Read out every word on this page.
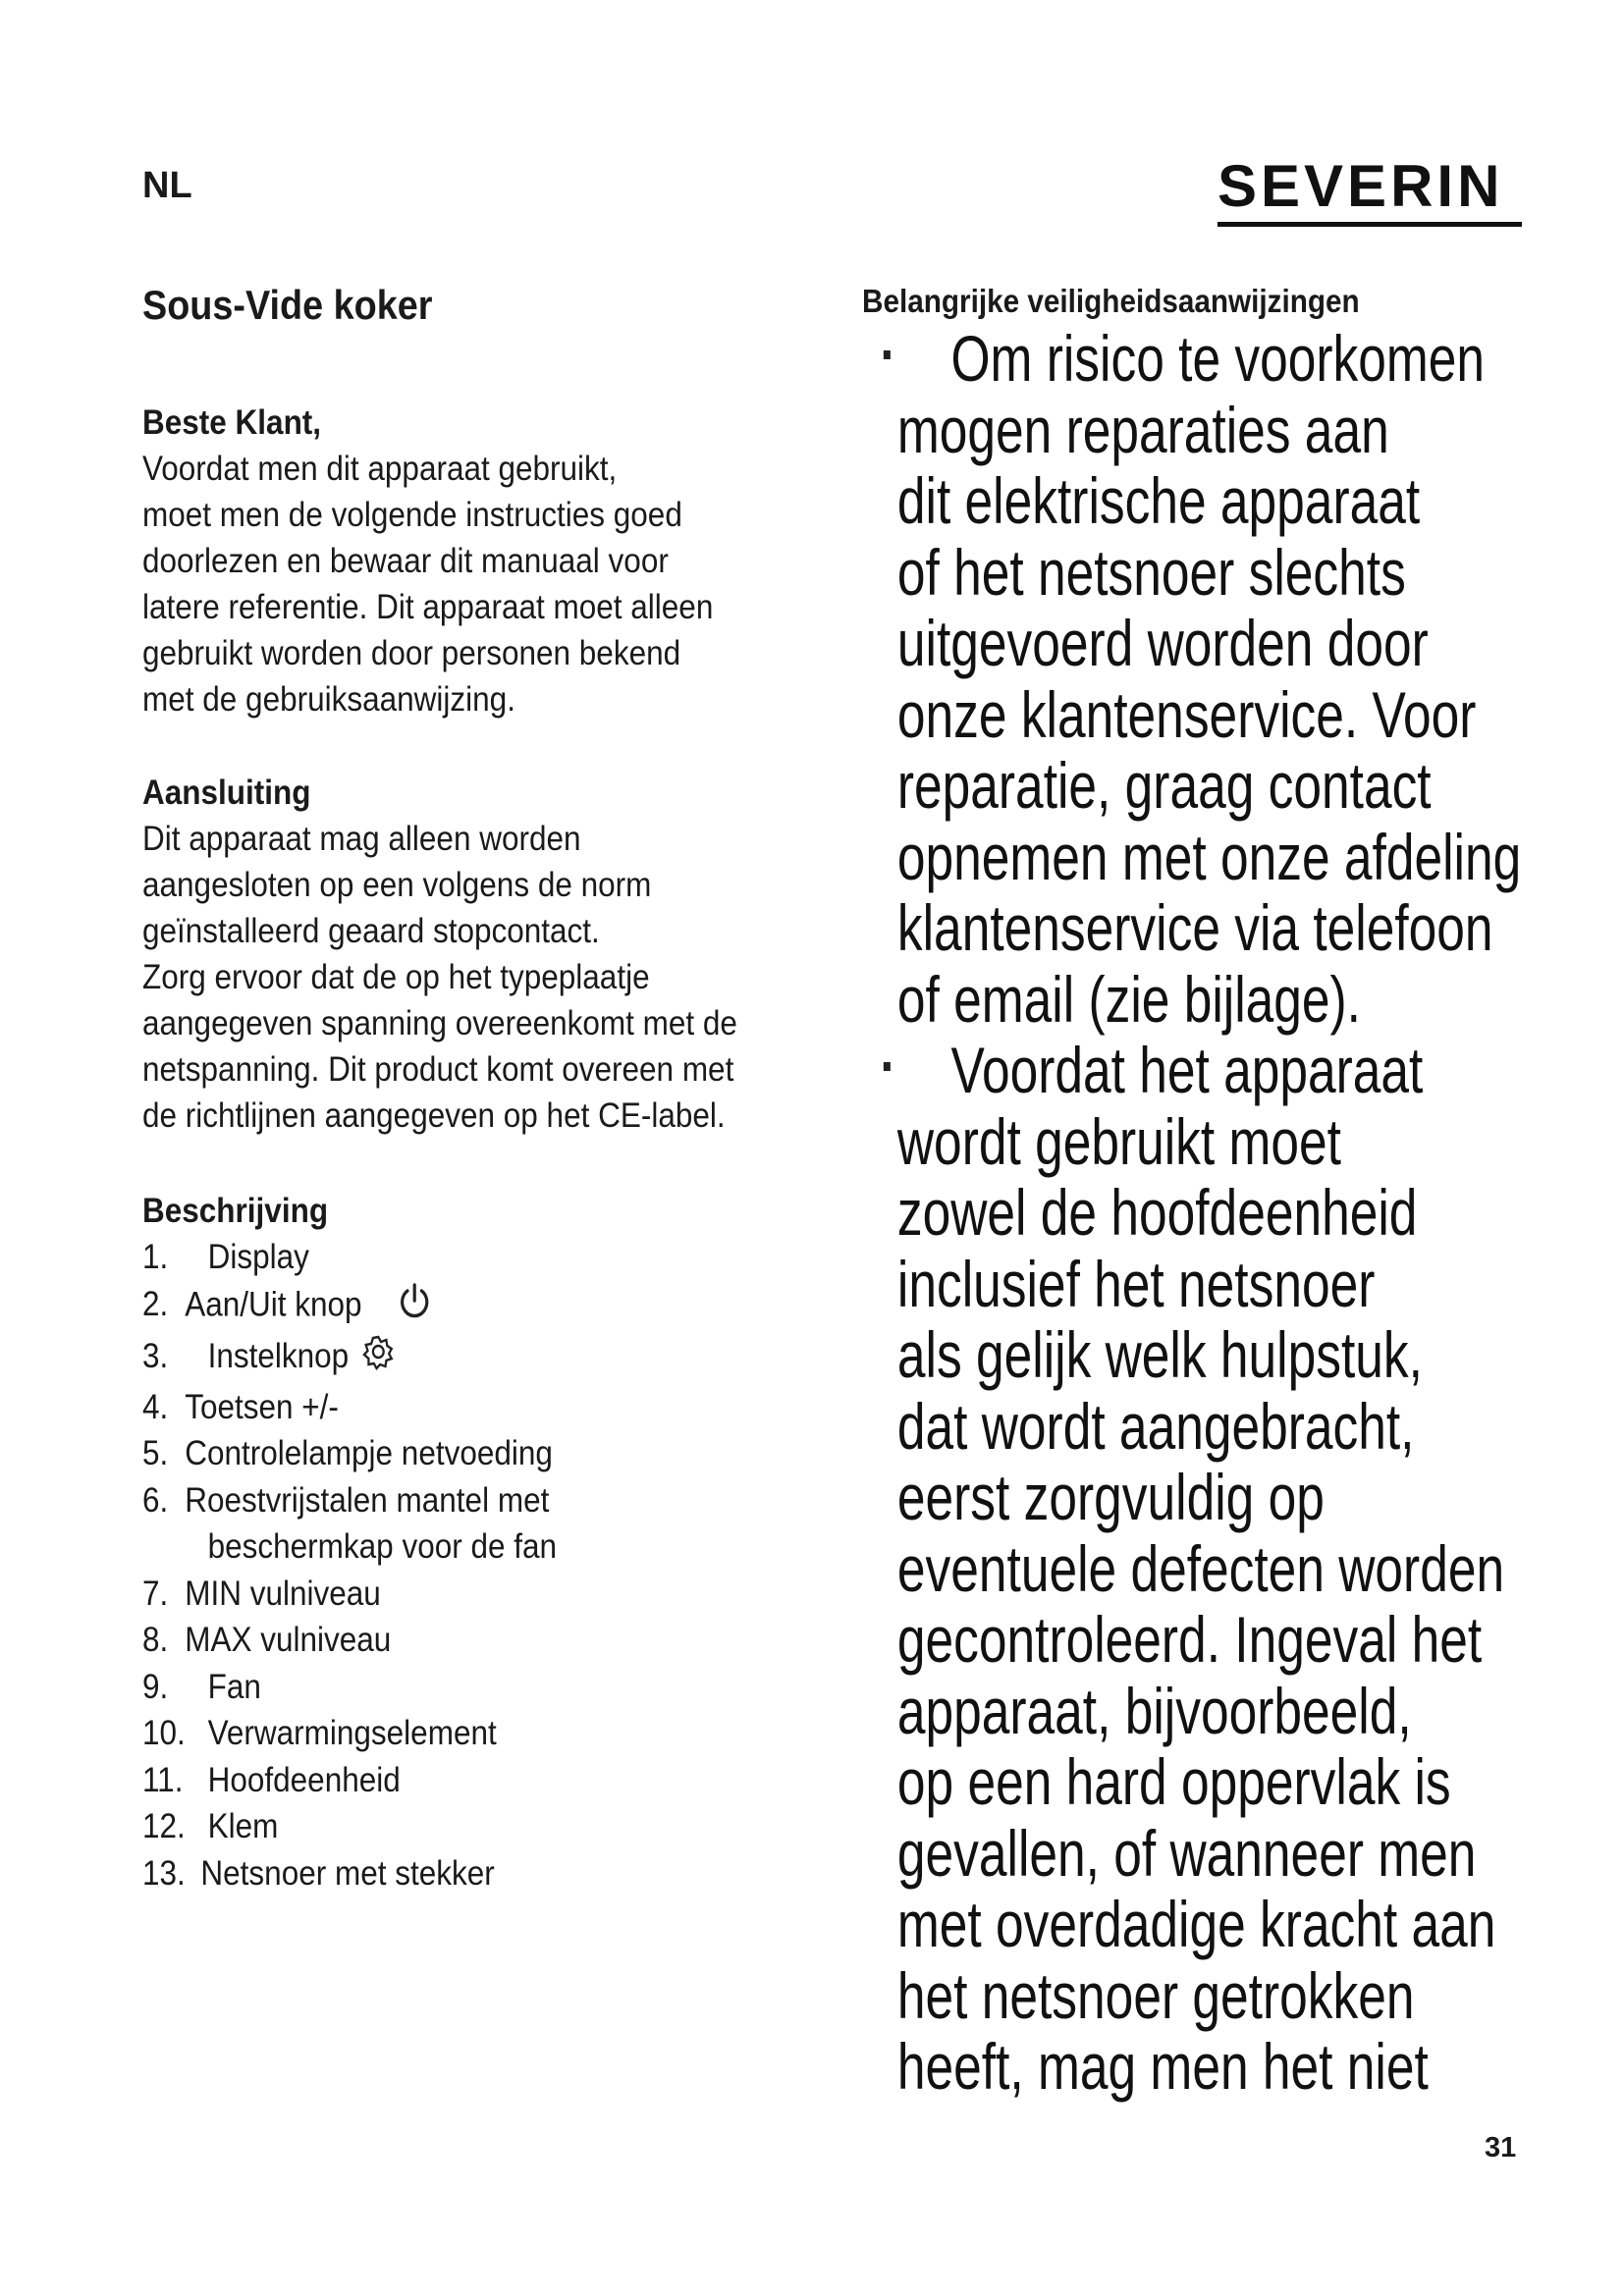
NL	SEVERIN
Sous-Vide koker

Beste Klant,

Voordat men dit apparaat gebruikt,

moet men de volgende instructies goed

doorlezen en bewaar dit manuaal voor

latere referentie. Dit apparaat moet alleen

gebruikt worden door personen bekend

met de gebruiksaanwijzing.

Aansluiting

Dit apparaat mag alleen worden

aangesloten op een volgens de norm

geïnstalleerd geaard stopcontact.

Zorg ervoor dat de op het typeplaatje

aangegeven spanning overeenkomt met de

netspanning. Dit product komt overeen met

de richtlijnen aangegeven op het CE-label.

Beschrijving

1. Display
2. Aan/Uit knop
3. Instelknop
4. Toetsen +/-
5. Controlelampje netvoeding
6. Roestvrijstalen mantel met
beschermkap voor de fan
7. MIN vulniveau
8. MAX vulniveau
9. Fan
10. Verwarmingselement
11. Hoofdeenheid
12. Klem
13. Netsnoer met stekker

Belangrijke veiligheidsaanwijzingen

Om risico te voorkomen

mogen reparaties aan

dit elektrische apparaat

of het netsnoer slechts

uitgevoerd worden door

onze klantenservice. Voor

reparatie, graag contact

opnemen met onze afdeling

klantenservice via telefoon

of email (zie bijlage).

Voordat het apparaat

wordt gebruikt moet

zowel de hoofdeenheid

inclusief het netsnoer

als gelijk welk hulpstuk,

dat wordt aangebracht,

eerst zorgvuldig op

eventuele defecten worden

gecontroleerd. Ingeval het

apparaat, bijvoorbeeld,

op een hard oppervlak is

gevallen, of wanneer men

met overdadige kracht aan

het netsnoer getrokken

heeft, mag men het niet

31
